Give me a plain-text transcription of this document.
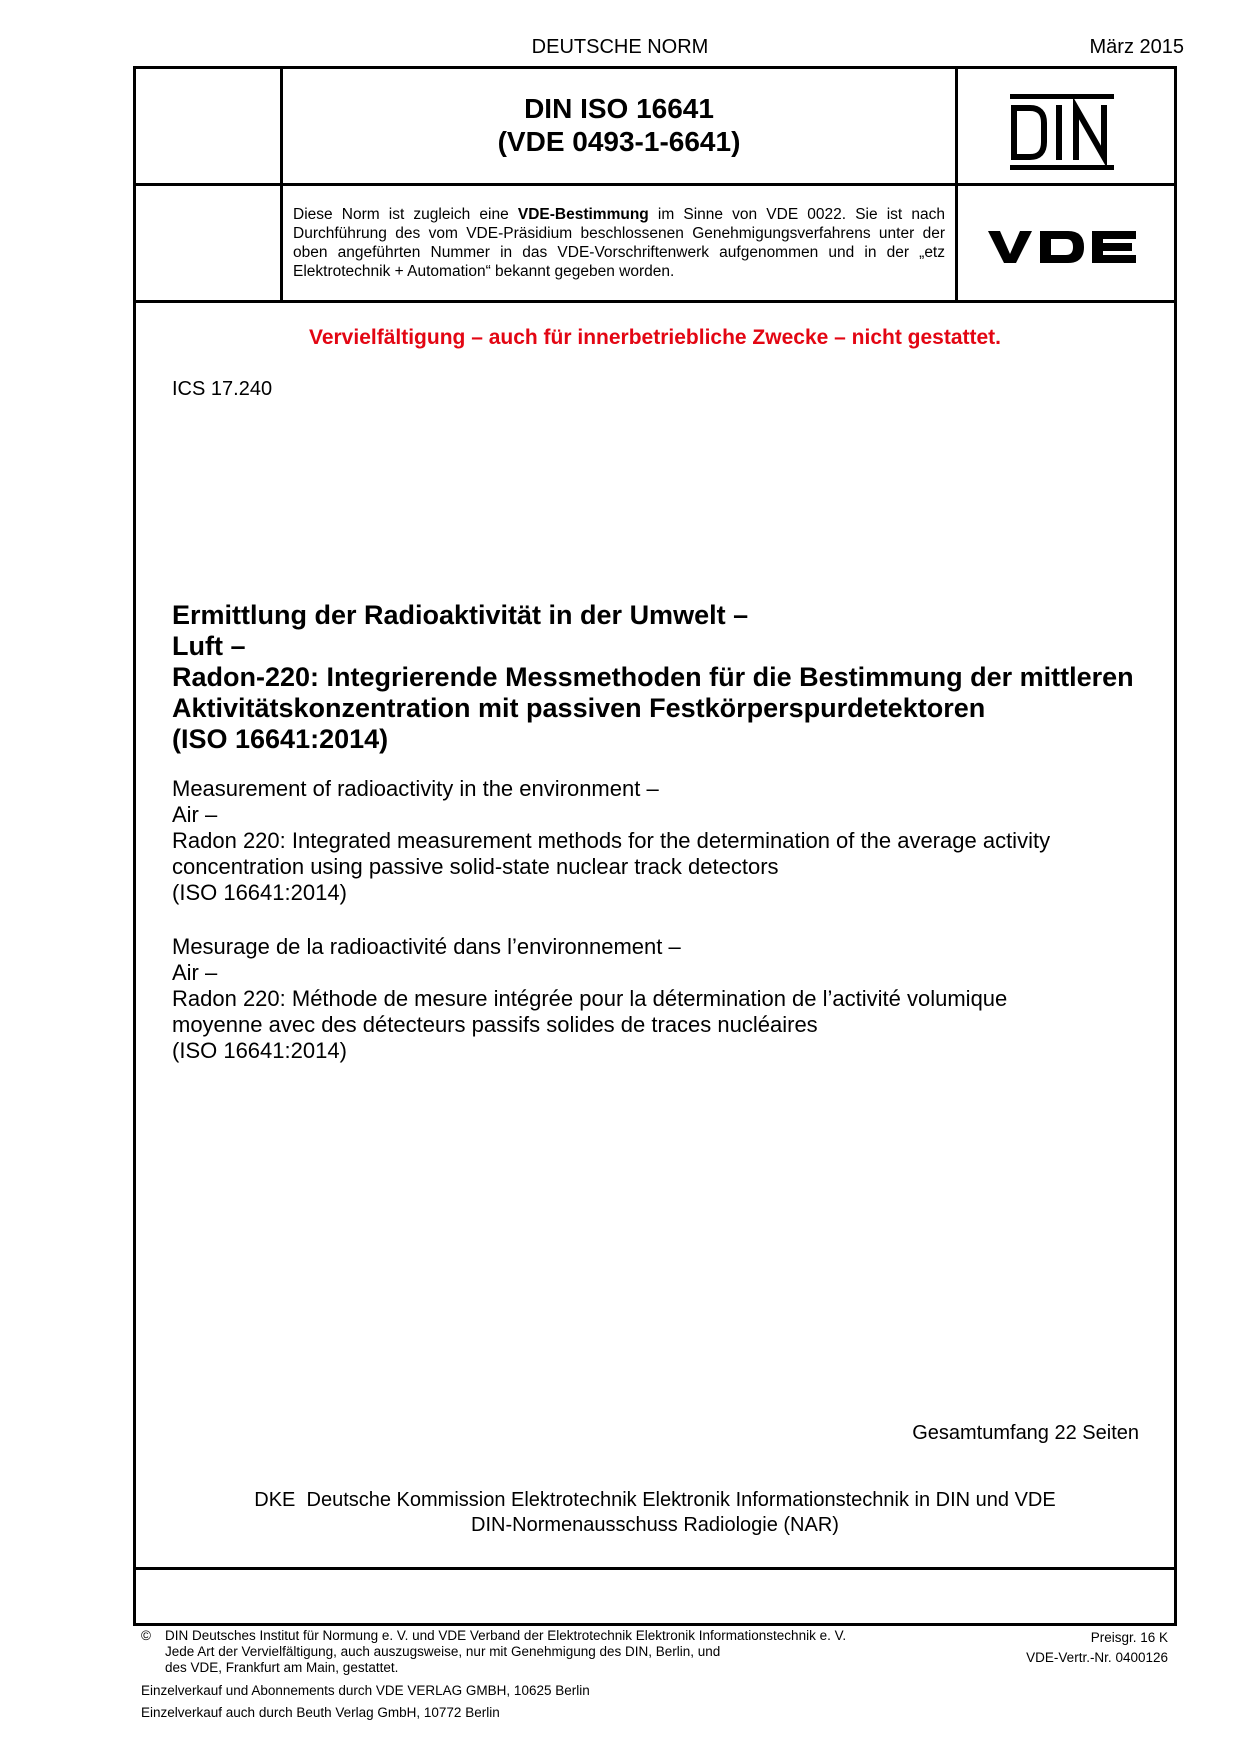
DEUTSCHE NORM	März 2015
DIN ISO 16641
(VDE 0493-1-6641)
Diese Norm ist zugleich eine VDE-Bestimmung im Sinne von VDE 0022. Sie ist nach Durchführung des vom VDE-Präsidium beschlossenen Genehmigungsverfahrens unter der oben angeführten Nummer in das VDE-Vorschriftenwerk aufgenommen und in der „etz Elektrotechnik + Automation“ bekannt gegeben worden.
Vervielfältigung – auch für innerbetriebliche Zwecke – nicht gestattet.
ICS 17.240
Ermittlung der Radioaktivität in der Umwelt –
Luft –
Radon-220: Integrierende Messmethoden für die Bestimmung der mittleren
Aktivitätskonzentration mit passiven Festkörperspurdetektoren
(ISO 16641:2014)
Measurement of radioactivity in the environment –
Air –
Radon 220: Integrated measurement methods for the determination of the average activity
concentration using passive solid-state nuclear track detectors
(ISO 16641:2014)
Mesurage de la radioactivité dans l’environnement –
Air –
Radon 220: Méthode de mesure intégrée pour la détermination de l’activité volumique
moyenne avec des détecteurs passifs solides de traces nucléaires
(ISO 16641:2014)
Gesamtumfang 22 Seiten
DKE  Deutsche Kommission Elektrotechnik Elektronik Informationstechnik in DIN und VDE
DIN-Normenausschuss Radiologie (NAR)
© DIN Deutsches Institut für Normung e. V. und VDE Verband der Elektrotechnik Elektronik Informationstechnik e. V.
Jede Art der Vervielfältigung, auch auszugsweise, nur mit Genehmigung des DIN, Berlin, und
des VDE, Frankfurt am Main, gestattet.
Preisgr. 16 K
VDE-Vertr.-Nr. 0400126
Einzelverkauf und Abonnements durch VDE VERLAG GMBH, 10625 Berlin
Einzelverkauf auch durch Beuth Verlag GmbH, 10772 Berlin
